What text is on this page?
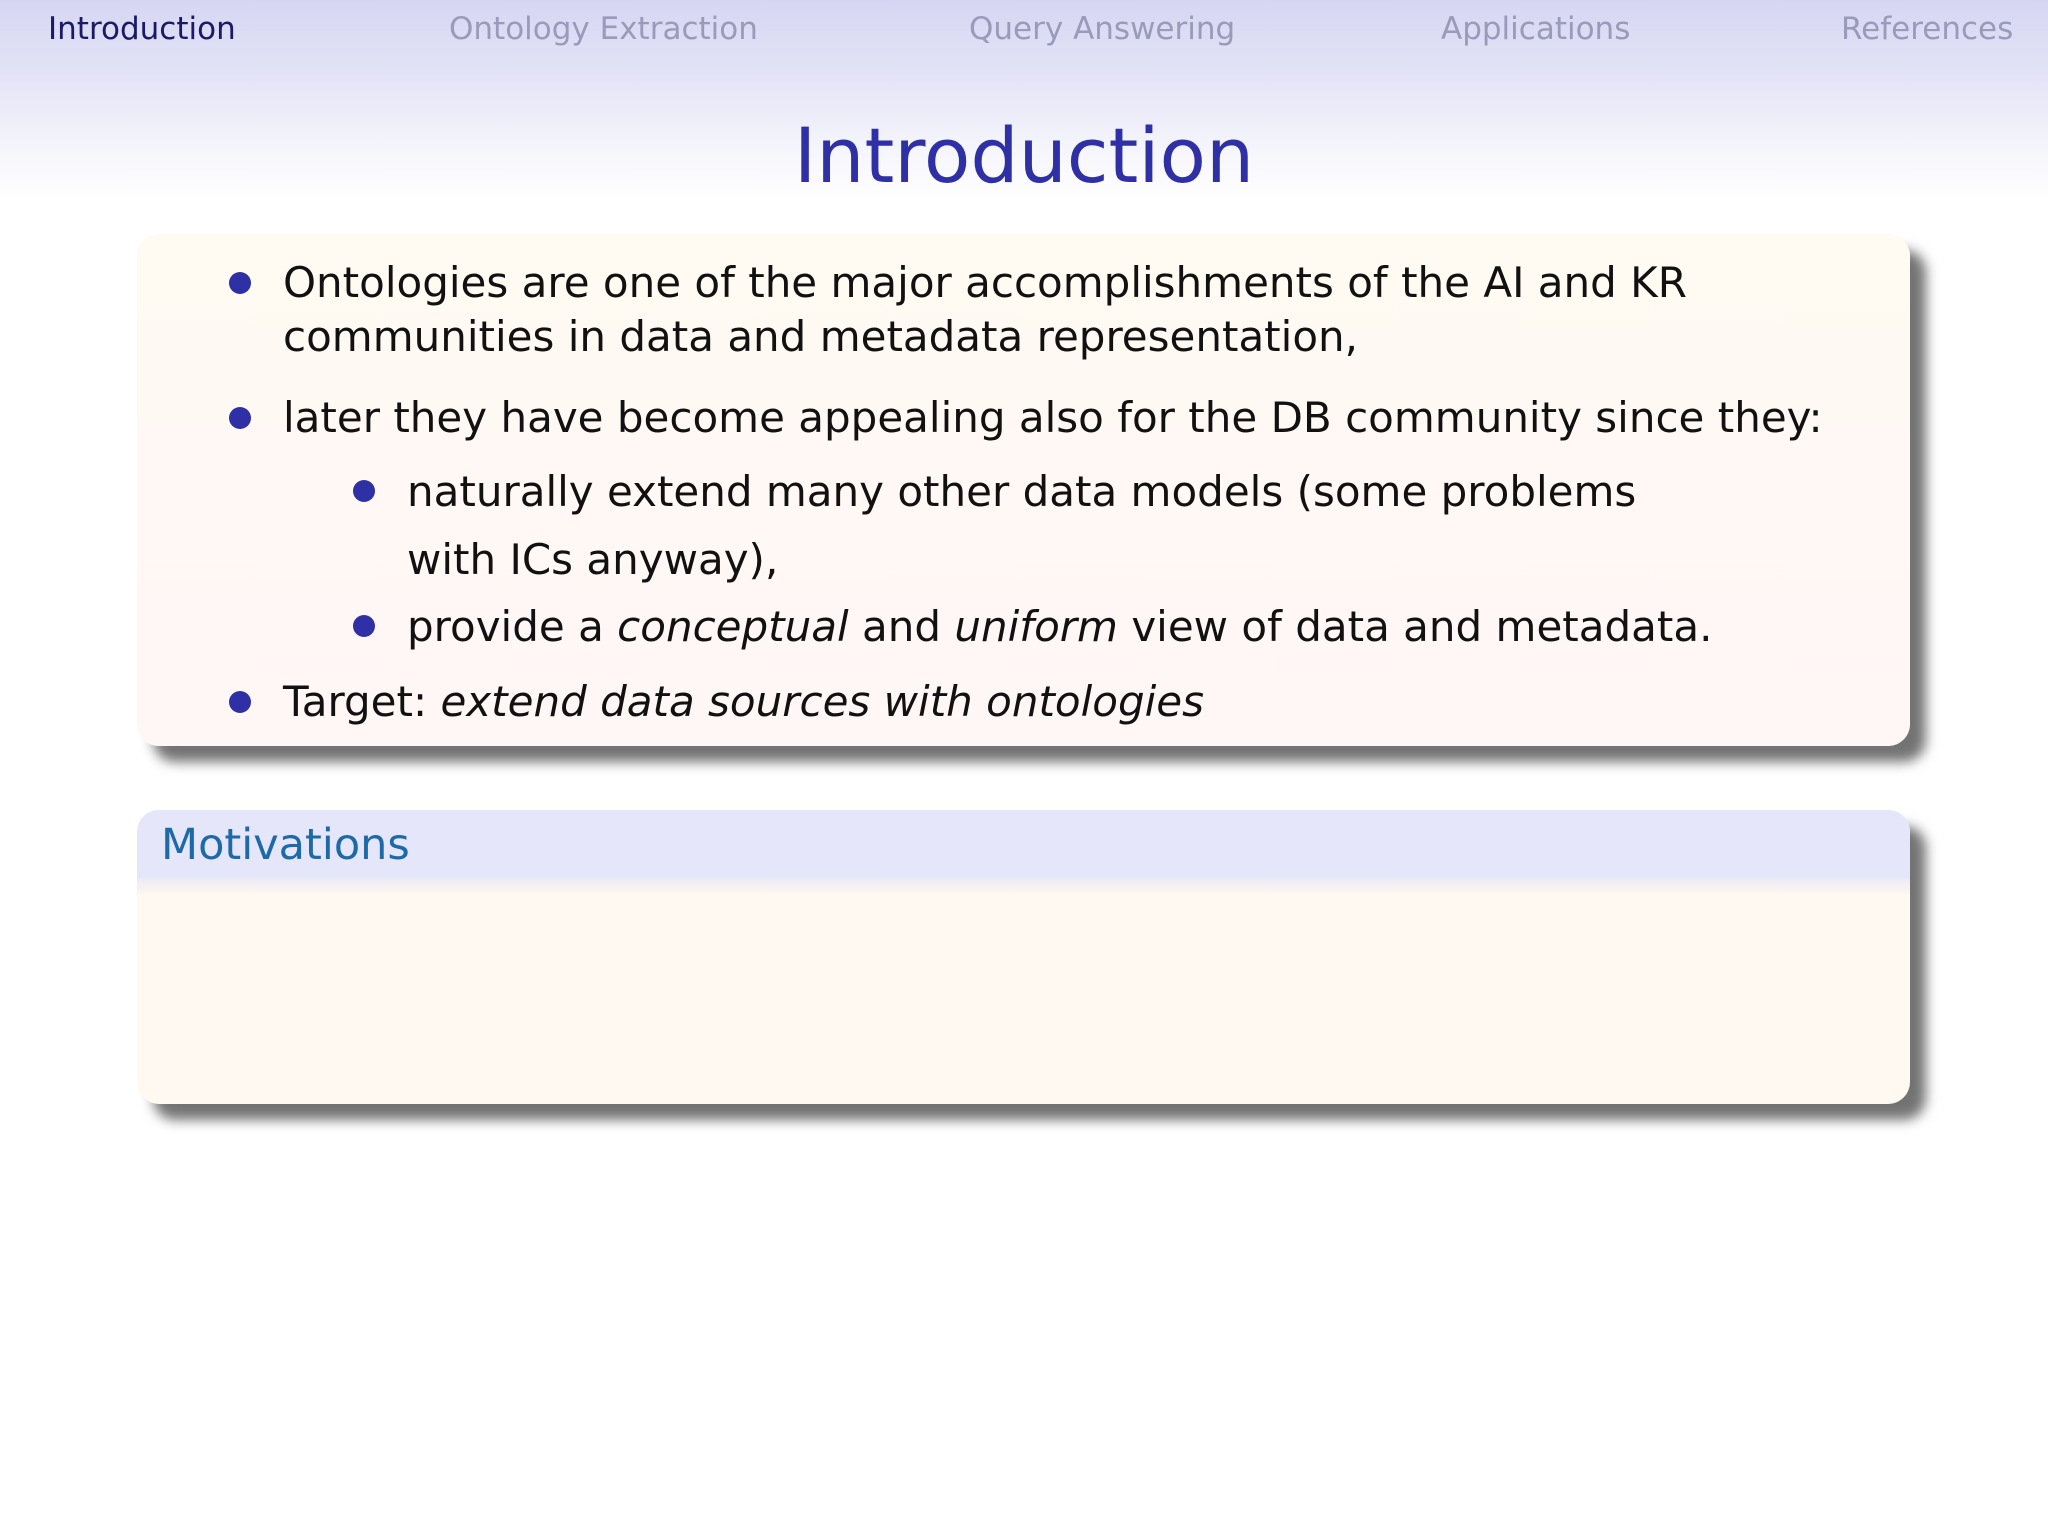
Introduction	Ontology Extraction	Query Answering	Applications	References
Introduction
Ontologies are one of the major accomplishments of the AI and KR communities in data and metadata representation,
later they have become appealing also for the DB community since they:
naturally extend many other data models (some problems with ICs anyway),
provide a conceptual and uniform view of data and metadata.
Target: extend data sources with ontologies
Motivations
